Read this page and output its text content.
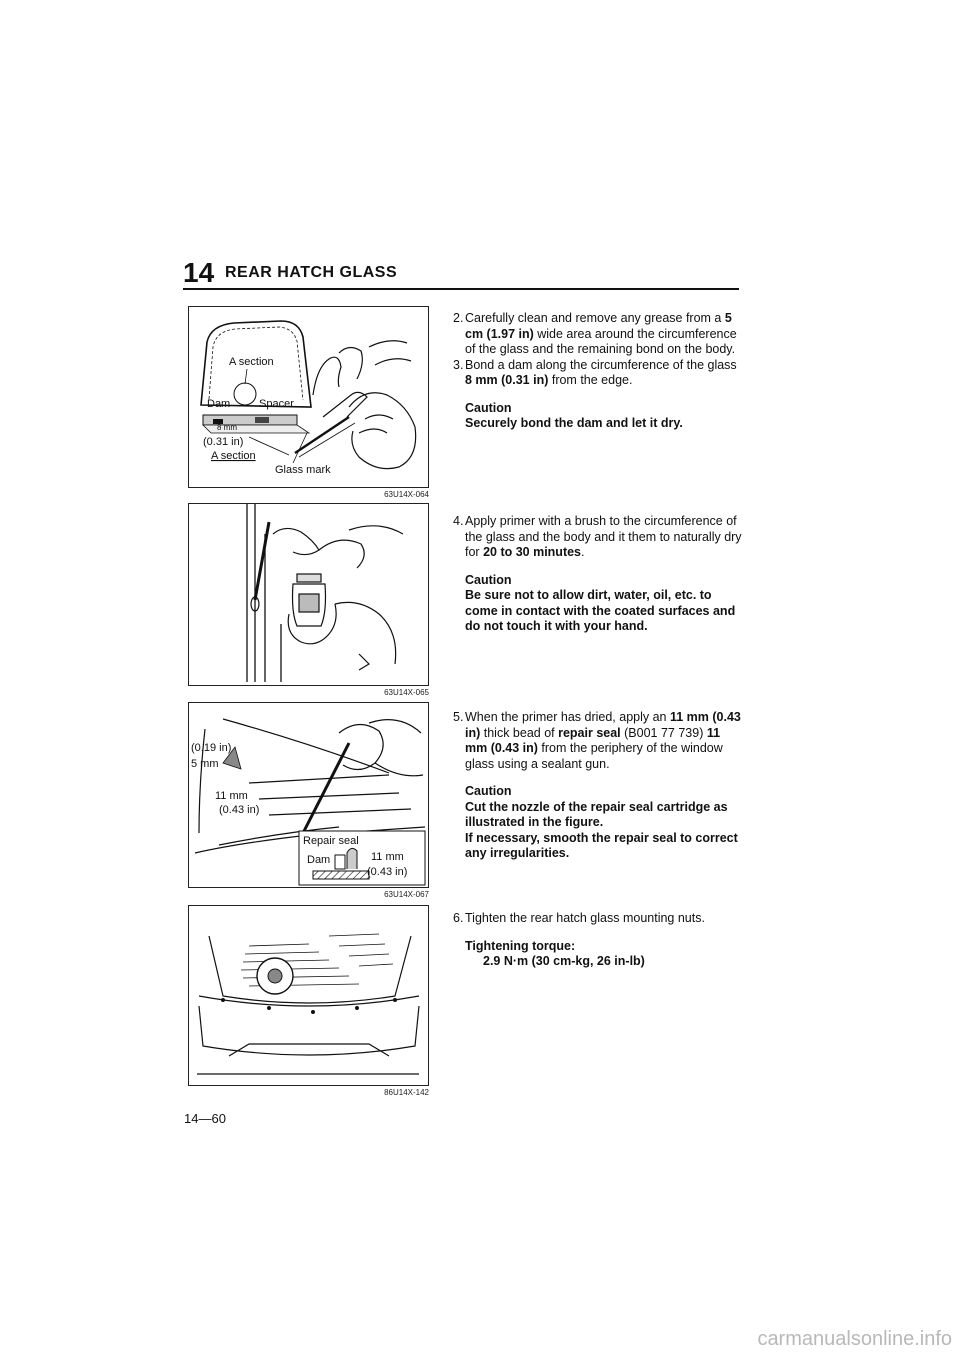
14 REAR HATCH GLASS
A section
Dam	Spacer
8 mm
(0.31 in)
A section
Glass mark
63U14X-064
63U14X-065
(0.19 in)
5 mm
11 mm
(0.43 in)
Repair seal
Dam	11 mm
(0.43 in)
63U14X-067
86U14X-142
2. Carefully clean and remove any grease from a 5 cm (1.97 in) wide area around the circumference of the glass and the remaining bond on the body.
3. Bond a dam along the circumference of the glass 8 mm (0.31 in) from the edge.
Caution
Securely bond the dam and let it dry.
4. Apply primer with a brush to the circumference of the glass and the body and it them to naturally dry for 20 to 30 minutes.
Caution
Be sure not to allow dirt, water, oil, etc. to come in contact with the coated surfaces and do not touch it with your hand.
5. When the primer has dried, apply an 11 mm (0.43 in) thick bead of repair seal (B001 77 739) 11 mm (0.43 in) from the periphery of the window glass using a sealant gun.
Caution
Cut the nozzle of the repair seal cartridge as illustrated in the figure.
If necessary, smooth the repair seal to correct any irregularities.
6. Tighten the rear hatch glass mounting nuts.
Tightening torque:
2.9 N·m (30 cm-kg, 26 in-lb)
14—60
carmanualsonline.info
